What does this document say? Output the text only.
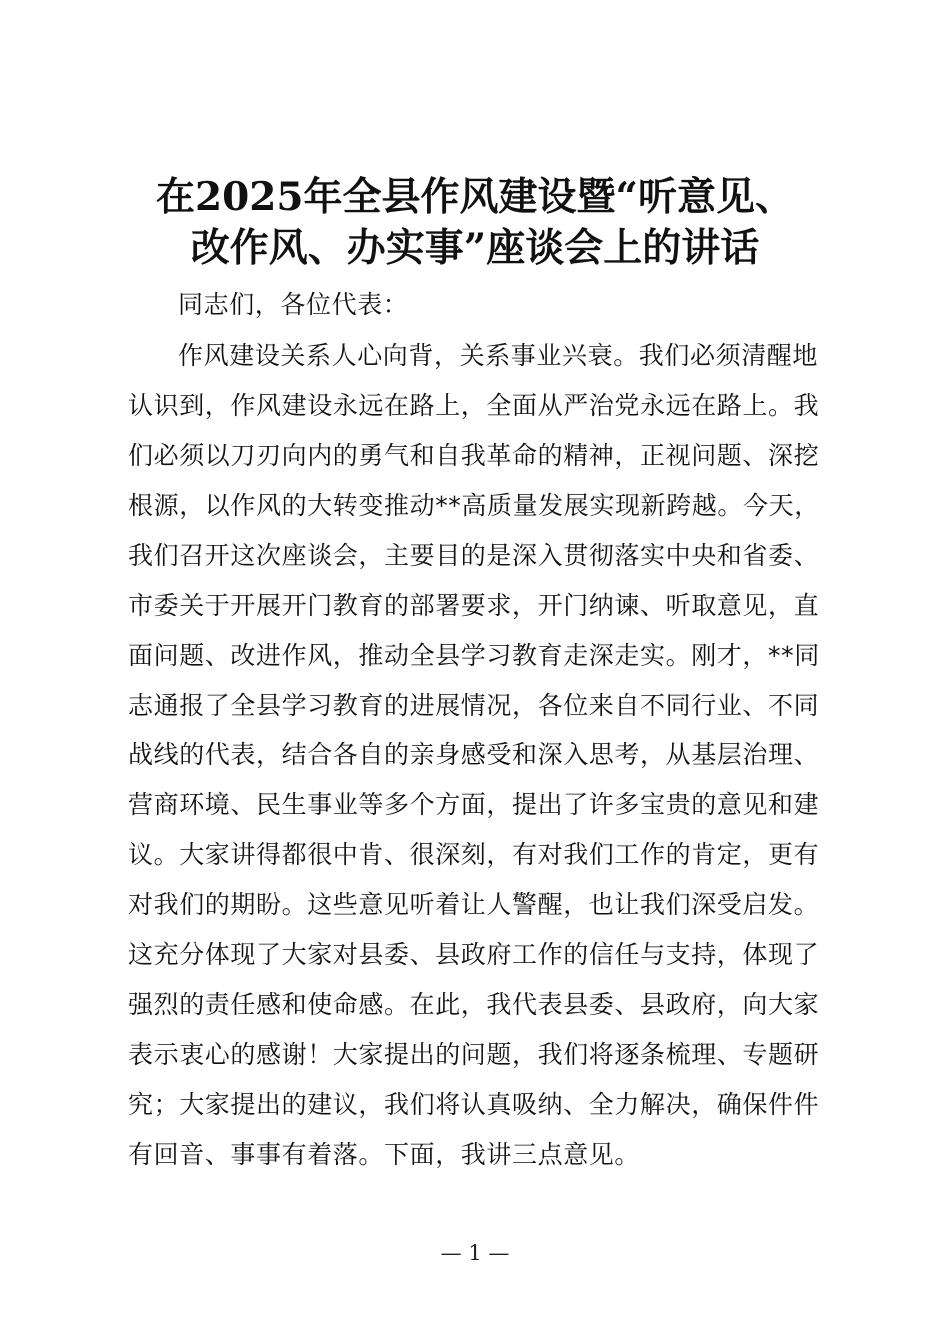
在2025年全县作风建设暨“听意见、
改作风、办实事”座谈会上的讲话

同志们，各位代表：

作风建设关系人心向背，关系事业兴衰。我们必须清醒地
认识到，作风建设永远在路上，全面从严治党永远在路上。我
们必须以刀刃向内的勇气和自我革命的精神，正视问题、深挖
根源，以作风的大转变推动**高质量发展实现新跨越。今天，
我们召开这次座谈会，主要目的是深入贯彻落实中央和省委、
市委关于开展开门教育的部署要求，开门纳谏、听取意见，直
面问题、改进作风，推动全县学习教育走深走实。刚才，**同
志通报了全县学习教育的进展情况，各位来自不同行业、不同
战线的代表，结合各自的亲身感受和深入思考，从基层治理、
营商环境、民生事业等多个方面，提出了许多宝贵的意见和建
议。大家讲得都很中肯、很深刻，有对我们工作的肯定，更有
对我们的期盼。这些意见听着让人警醒，也让我们深受启发。
这充分体现了大家对县委、县政府工作的信任与支持，体现了
强烈的责任感和使命感。在此，我代表县委、县政府，向大家
表示衷心的感谢！大家提出的问题，我们将逐条梳理、专题研
究；大家提出的建议，我们将认真吸纳、全力解决，确保件件
有回音、事事有着落。下面，我讲三点意见。
— 1 —
